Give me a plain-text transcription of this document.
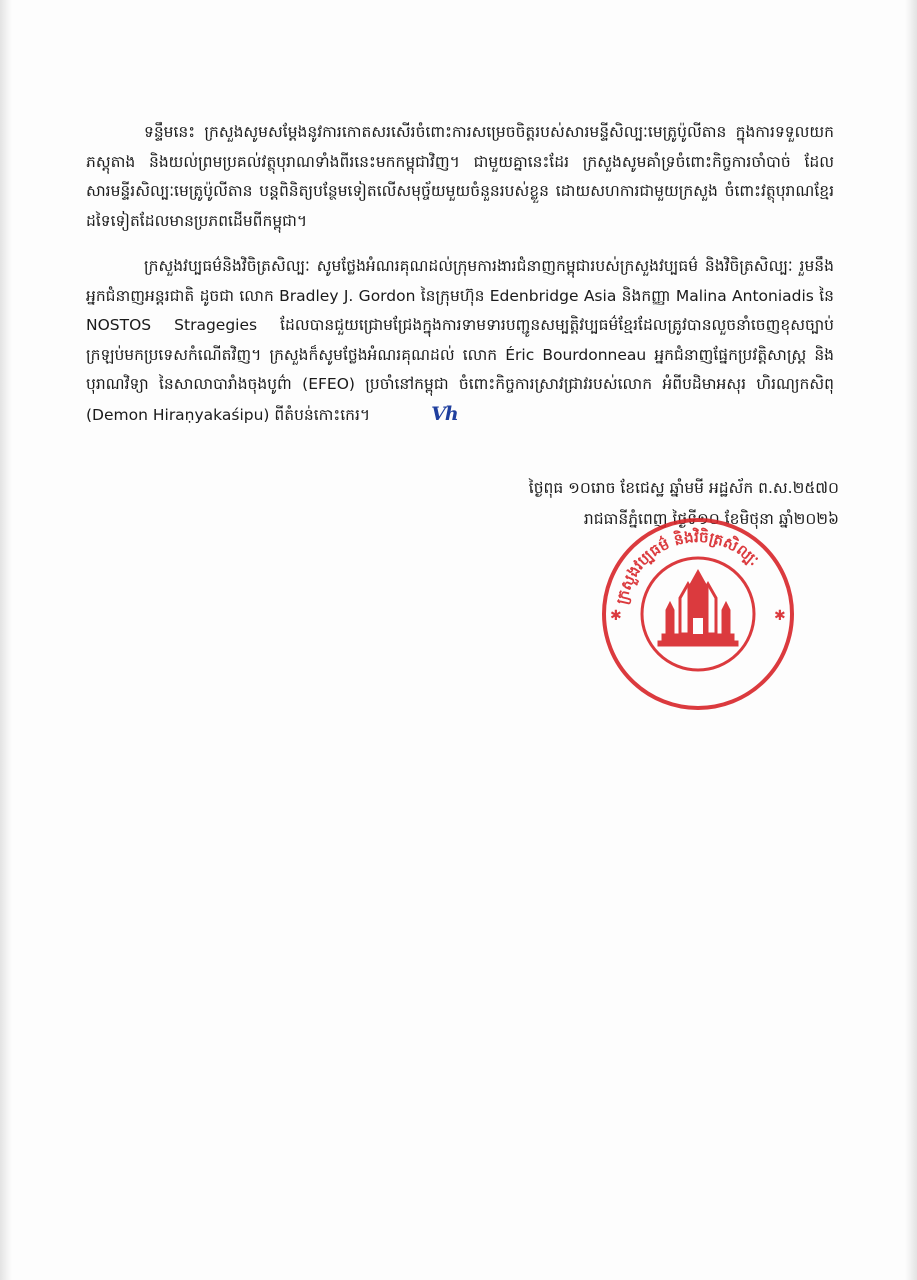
ទន្ទឹមនេះ ក្រសួងសូមសម្ដែងនូវការកោតសរសើរចំពោះការសម្រេចចិត្តរបស់សារមន្ទីសិល្បៈមេត្រូប៉ូលីតាន ក្នុងការទទួលយកភស្តុតាង និងយល់ព្រមប្រគល់វត្ថុបុរាណទាំងពីរនេះមកកម្ពុជាវិញ។ ជាមួយគ្នានេះដែរ ក្រសួងសូមគាំទ្រចំពោះកិច្ចការចាំបាច់ ដែលសារមន្ទីរសិល្បៈមេត្រូប៉ូលីតាន បន្តពិនិត្យបន្ថែមទៀតលើសមុច្ច័យមួយចំនួនរបស់ខ្លួន ដោយសហការជាមួយក្រសួង ចំពោះវត្ថុបុរាណខ្មែរដទៃទៀតដែលមានប្រភពដើមពីកម្ពុជា។

ក្រសួងវប្បធម៌និងវិចិត្រសិល្បៈ សូមថ្លែងអំណរគុណដល់ក្រុមការងារជំនាញកម្ពុជារបស់ក្រសួងវប្បធម៌ និងវិចិត្រសិល្បៈ រួមនឹងអ្នកជំនាញអន្តរជាតិ ដូចជា លោក Bradley J. Gordon នៃក្រុមហ៊ុន Edenbridge Asia និងកញ្ញា Malina Antoniadis នៃ NOSTOS Stragegies ដែលបានជួយជ្រោមជ្រែងក្នុងការទាមទារបញ្ជូនសម្បត្តិវប្បធម៌ខ្មែរដែលត្រូវបានលួចនាំចេញខុសច្បាប់ក្រឡប់មកប្រទេសកំណើតវិញ។ ក្រសួងក៏សូមថ្លែងអំណរគុណដល់ លោក Éric Bourdonneau អ្នកជំនាញផ្នែកប្រវត្តិសាស្ត្រ និងបុរាណវិទ្យា នៃសាលាបារាំងចុងបូព៌ា (EFEO) ប្រចាំនៅកម្ពុជា ចំពោះកិច្ចការស្រាវជ្រាវរបស់លោក អំពីបដិមាអសុរ ហិរណ្យកសិពុ (Demon Hiraṇyakaśipu) ពីតំបន់កោះកេរ។	Vh

ថ្ងៃពុធ ១០រោច ខែជេស្ឋ ឆ្នាំមមី អដ្ឋស័ក ព.ស.២៥៧០

រាជធានីភ្នំពេញ ថ្ងៃទី១០ ខែមិថុនា ឆ្នាំ២០២៦

ក្រសួងវប្បធម៌ និងវិចិត្រសិល្បៈ
✱	✱
